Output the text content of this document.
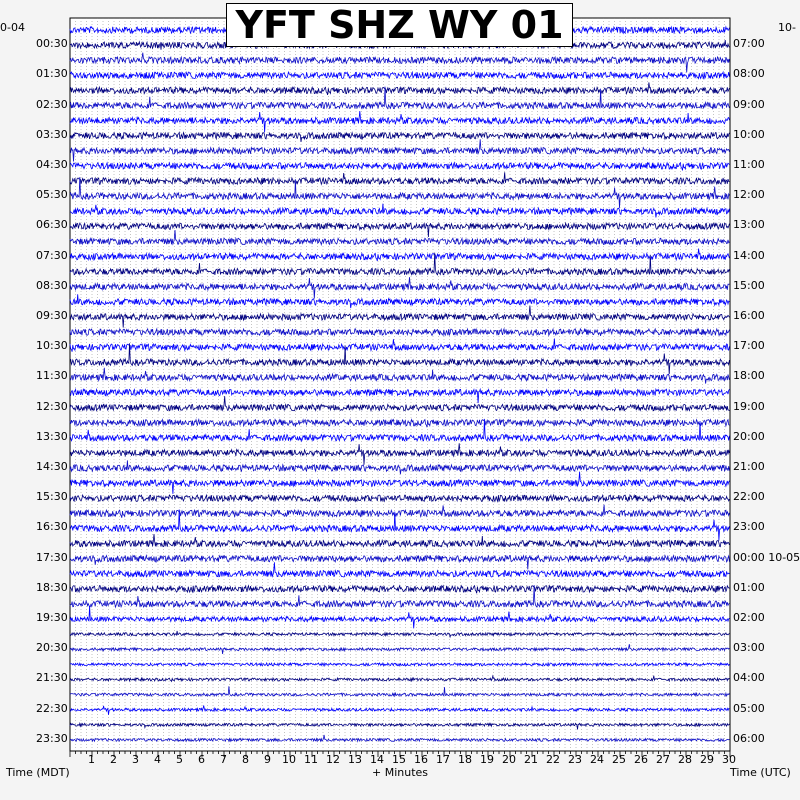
YFT SHZ WY 01
0-04	10-
00:30
01:30
02:30
03:30
04:30
05:30
06:30
07:30
08:30
09:30
10:30
11:30
12:30
13:30
14:30
15:30
16:30
17:30
18:30
19:30
20:30
21:30
22:30
23:30
07:00
08:00
09:00
10:00
11:00
12:00
13:00
14:00
15:00
16:00
17:00
18:00
19:00
20:00
21:00
22:00
23:00
00:00 10-05
01:00
02:00
03:00
04:00
05:00
06:00
1 2 3 4 5 6 7 8 9 10 11 12 13 14 15 16 17 18 19 20 21 22 23 24 25 26 27 28 29 30
+ Minutes
Time (MDT)	Time (UTC)
